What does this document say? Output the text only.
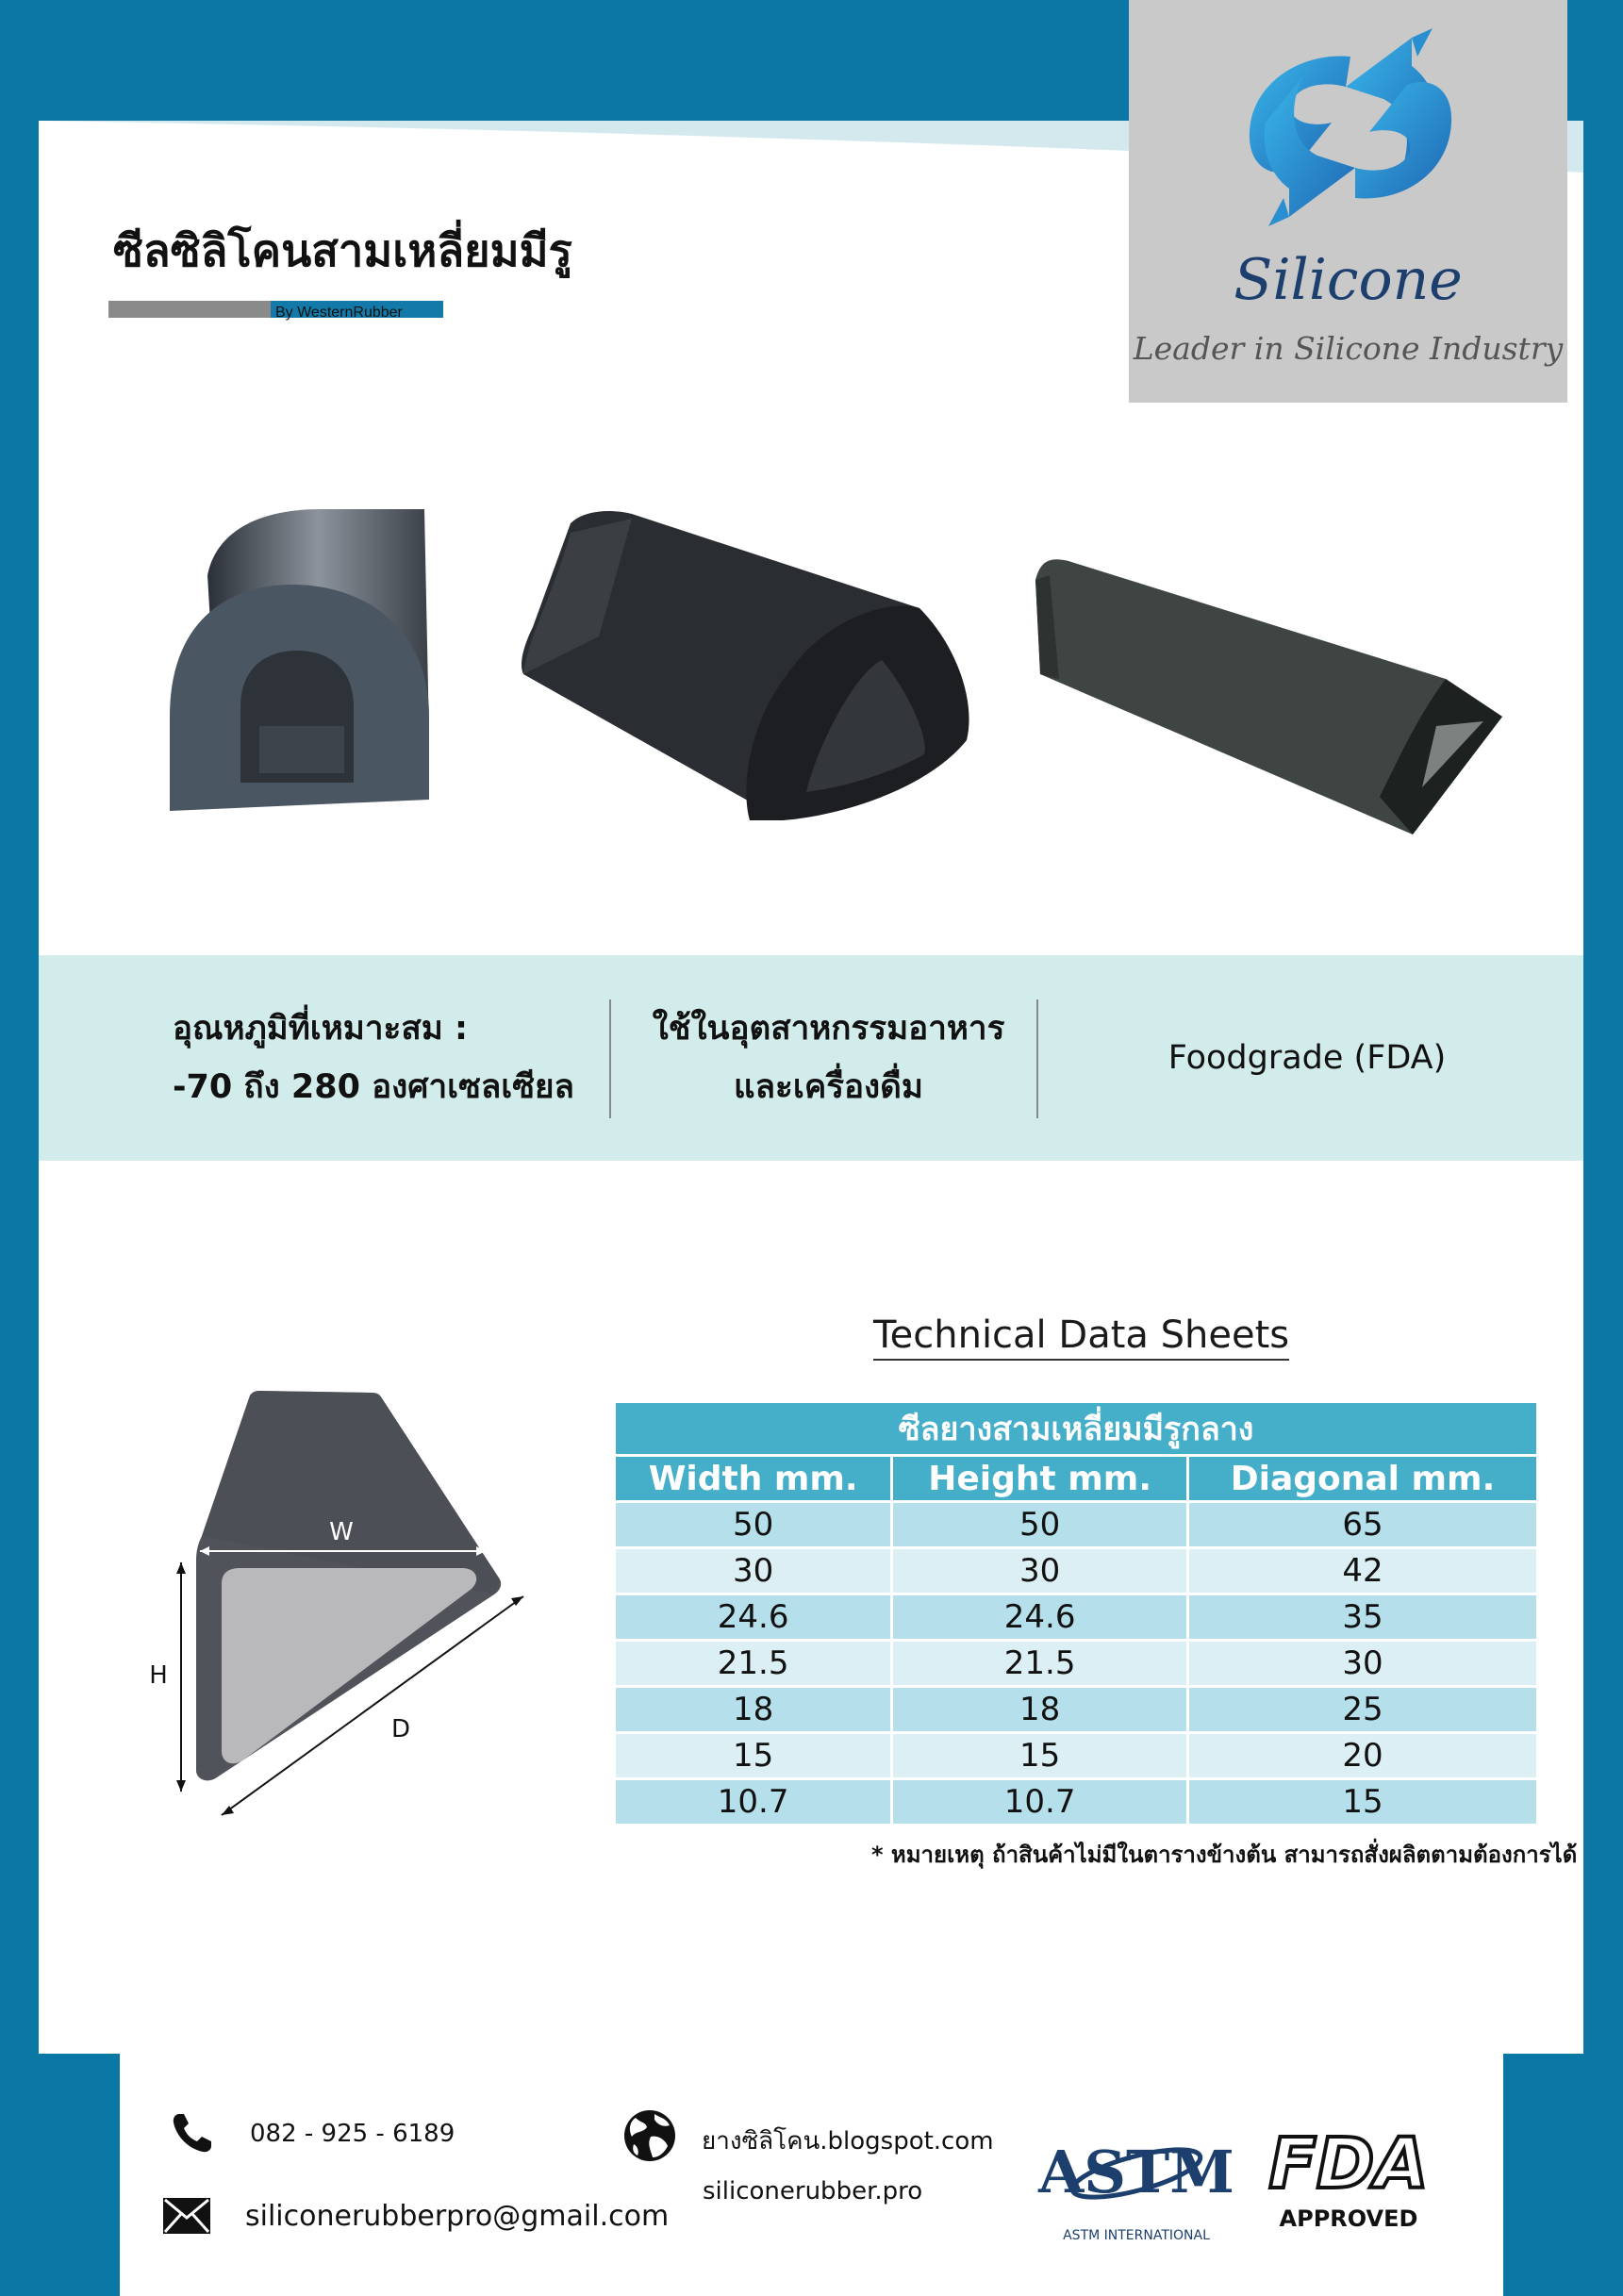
Silicone
Leader in Silicone Industry
ซีลซิลิโคนสามเหลี่ยมมีรู
By WesternRubber
อุณหภูมิที่เหมาะสม :
-70 ถึง 280 องศาเซลเซียล
ใช้ในอุตสาหกรรมอาหาร
และเครื่องดื่ม
Foodgrade (FDA)
W
H
D
Technical Data Sheets
ซีลยางสามเหลี่ยมมีรูกลาง		
Width mm.	Height mm.	Diagonal mm.
50	50	65
30	30	42
24.6	24.6	35
21.5	21.5	30
18	18	25
15	15	20
10.7	10.7	15
* หมายเหตุ ถ้าสินค้าไม่มีในตารางข้างต้น สามารถสั่งผลิตตามต้องการได้
082 - 925 - 6189
siliconerubberpro@gmail.com
ยางซิลิโคน.blogspot.com
siliconerubber.pro ASTM
ASTM INTERNATIONAL
FDA
APPROVED
